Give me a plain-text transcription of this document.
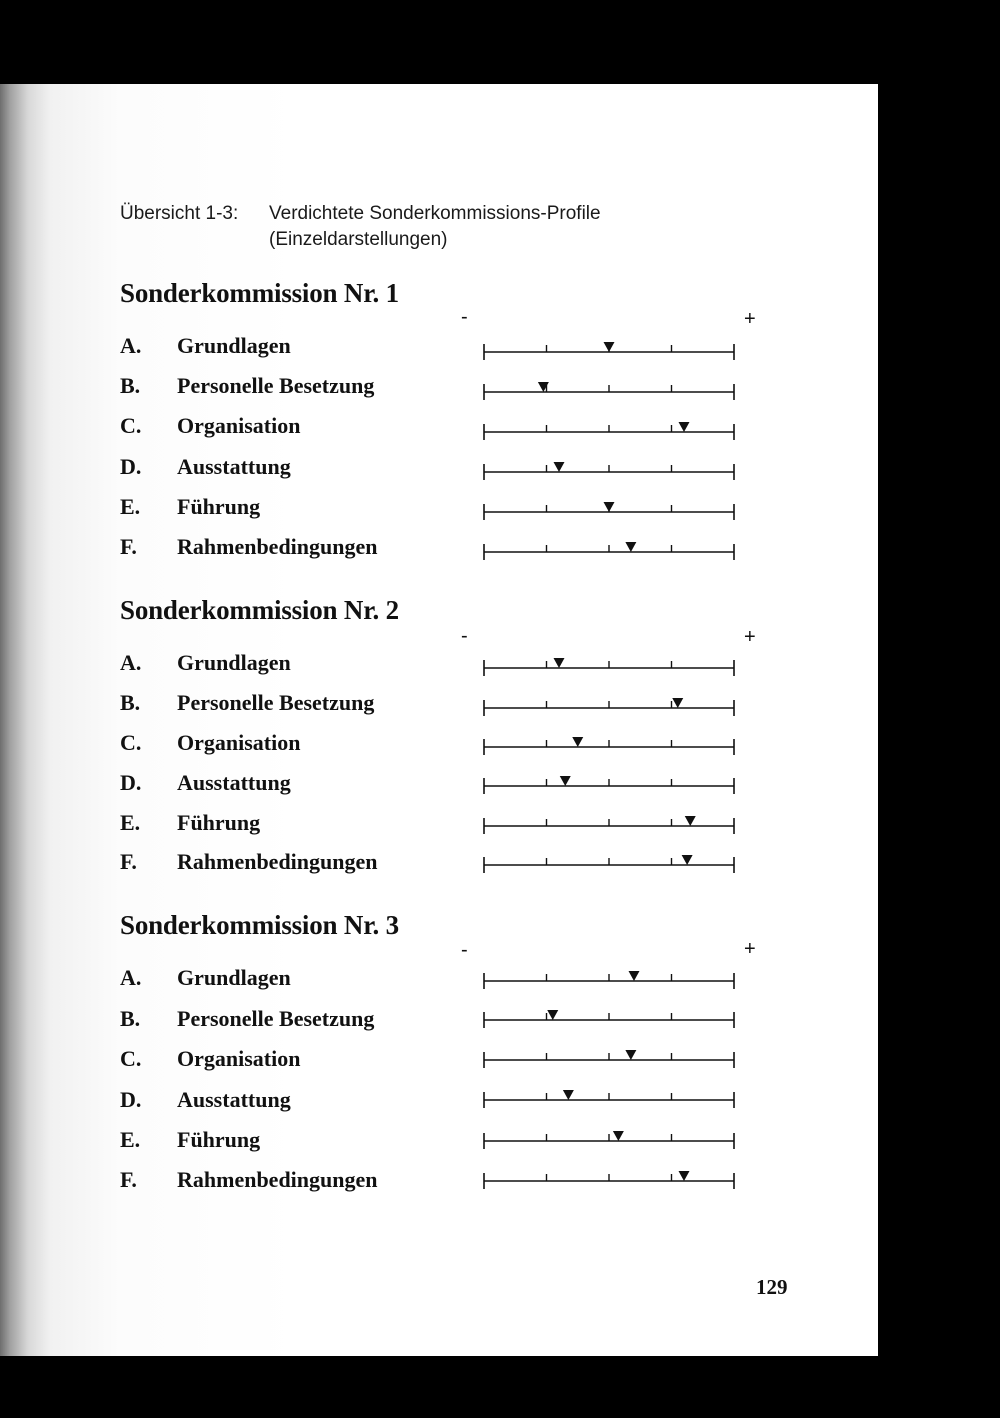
Übersicht 1-3: Verdichtete Sonderkommissions-Profile
(Einzeldarstellungen)
Sonderkommission Nr. 1
-	+
A. Grundlagen
B. Personelle Besetzung
C. Organisation
D. Ausstattung
E. Führung
F. Rahmenbedingungen
Sonderkommission Nr. 2
-	+
A. Grundlagen
B. Personelle Besetzung
C. Organisation
D. Ausstattung
E. Führung
F. Rahmenbedingungen
Sonderkommission Nr. 3
-	+
A. Grundlagen
B. Personelle Besetzung
C. Organisation
D. Ausstattung
E. Führung
F. Rahmenbedingungen
129
